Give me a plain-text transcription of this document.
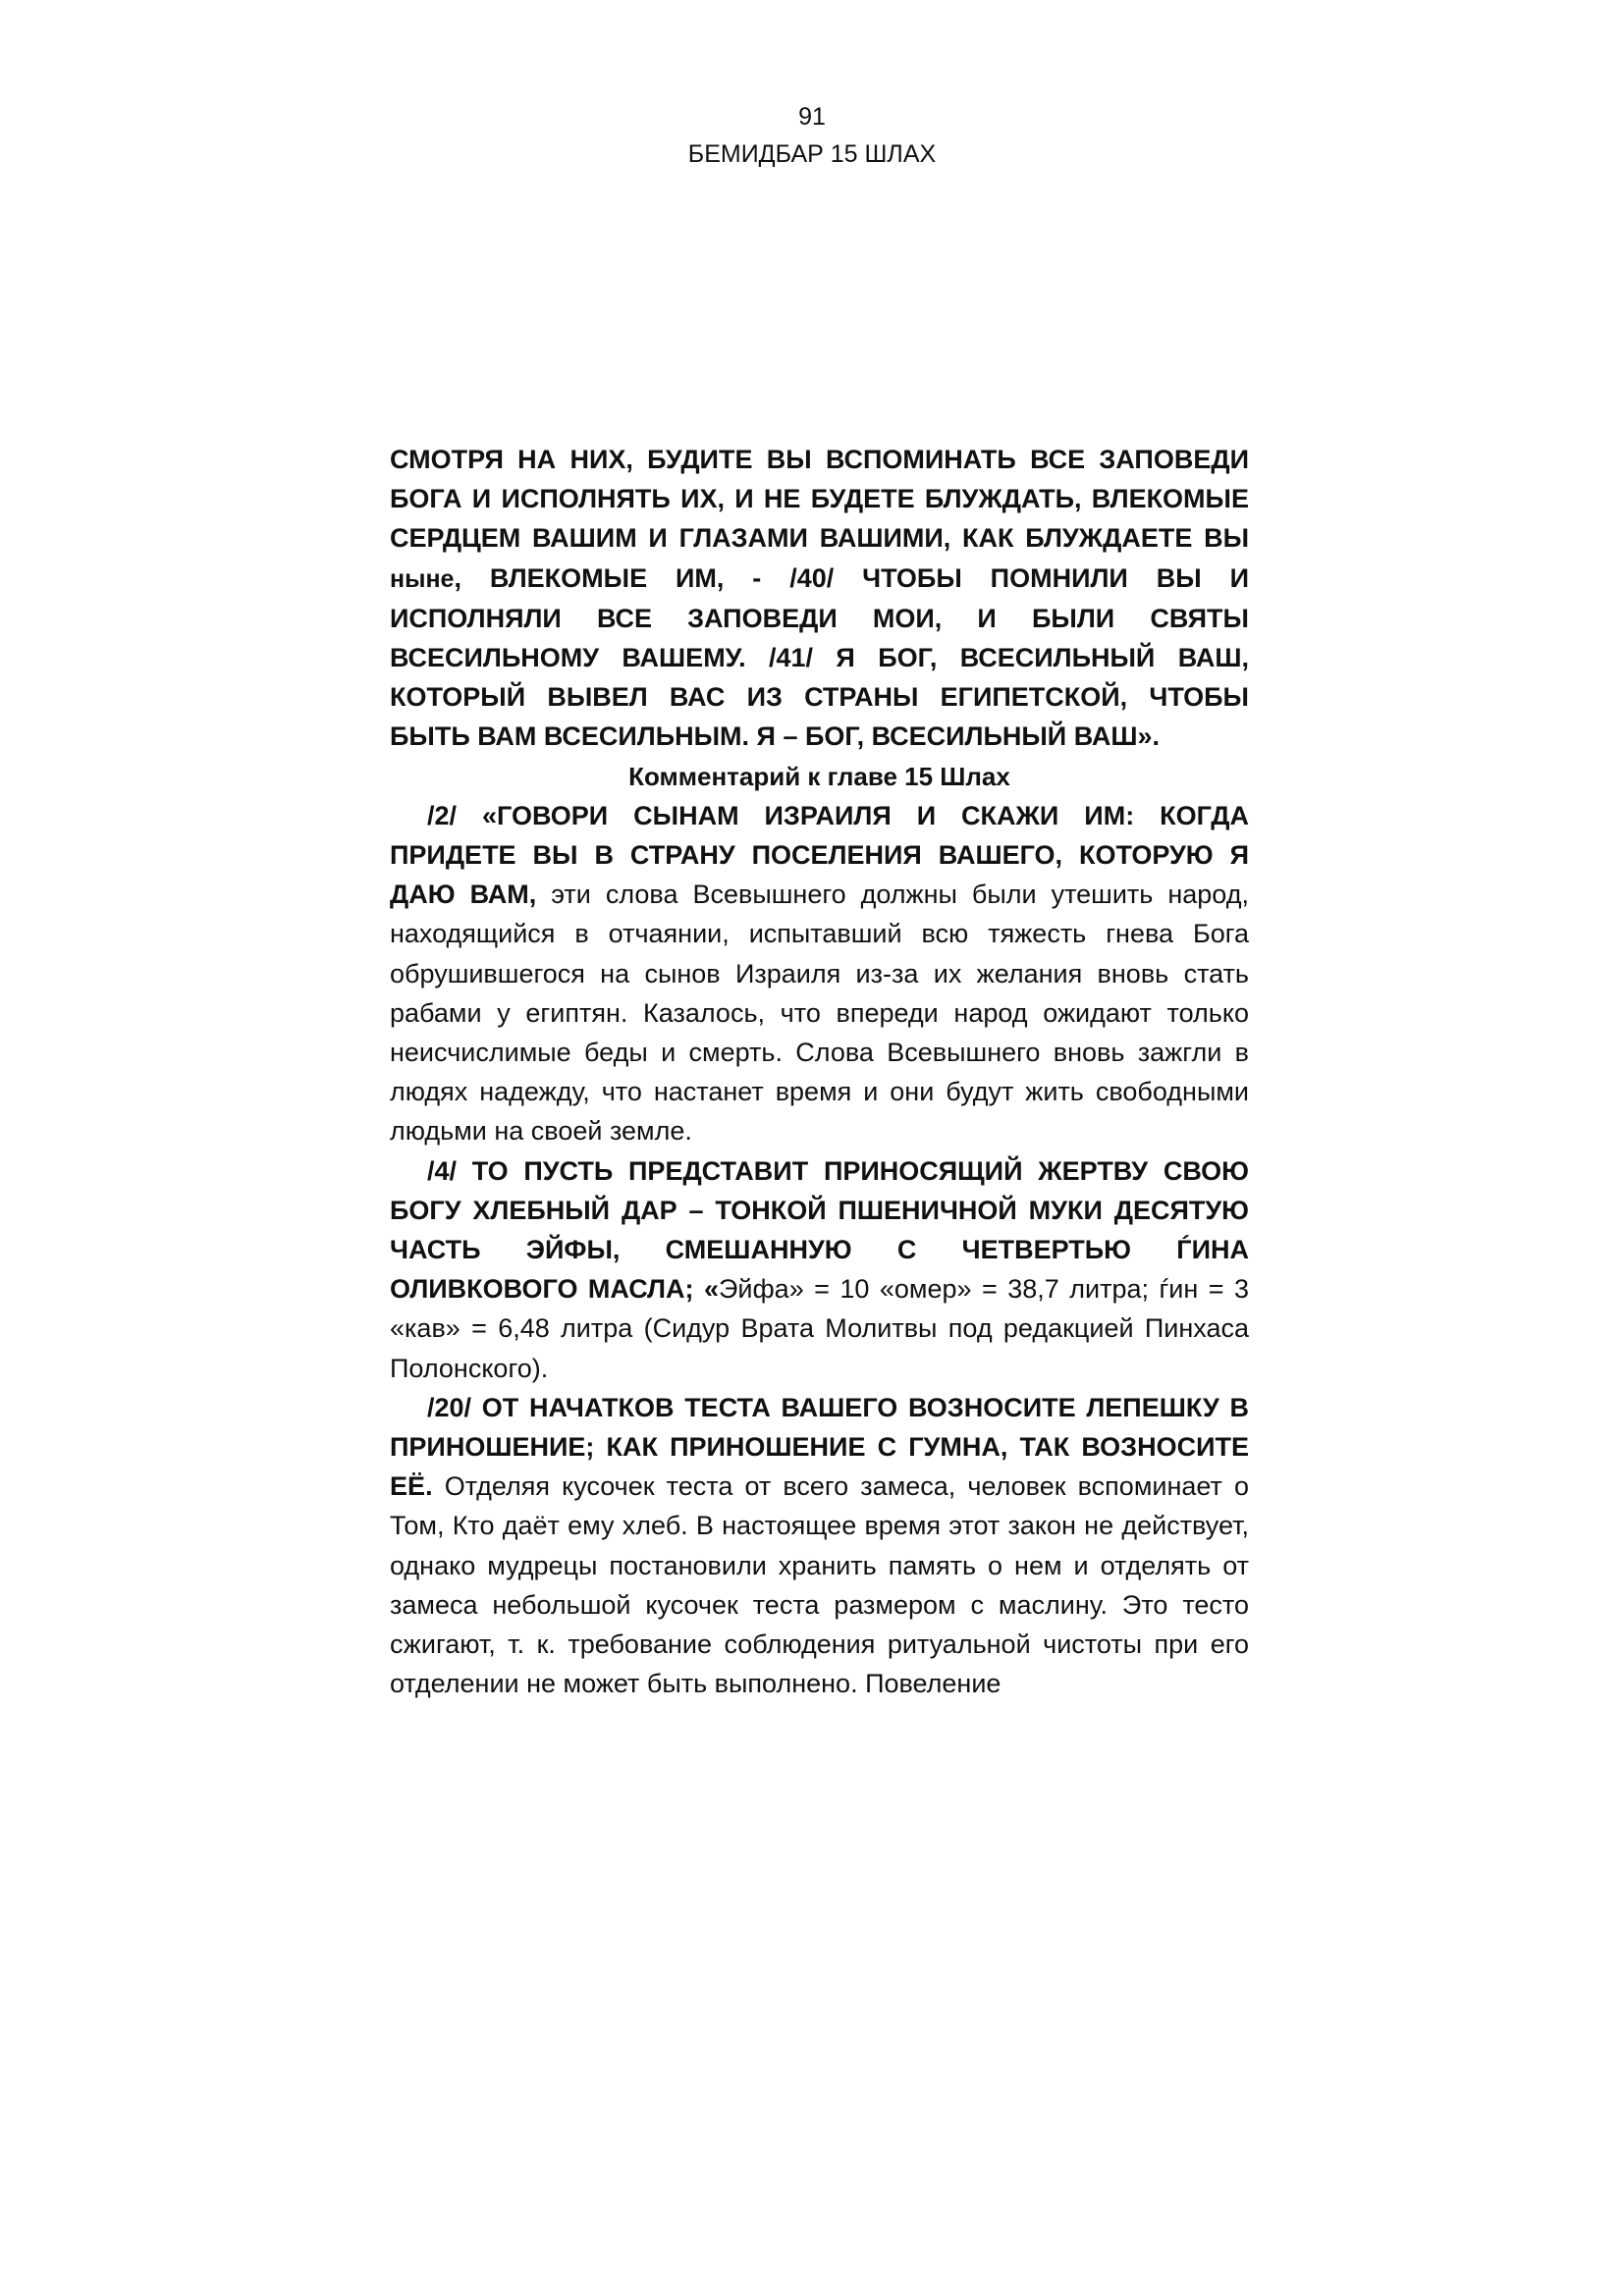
91
БЕМИДБАР 15 ШЛАХ

СМОТРЯ НА НИХ, БУДИТЕ ВЫ ВСПОМИНАТЬ ВСЕ ЗАПОВЕДИ БОГА И ИСПОЛНЯТЬ ИХ, И НЕ БУДЕТЕ БЛУЖДАТЬ, ВЛЕКОМЫЕ СЕРДЦЕМ ВАШИМ И ГЛАЗАМИ ВАШИМИ, КАК БЛУЖДАЕТЕ ВЫ ныне, ВЛЕКОМЫЕ ИМ, - /40/ ЧТОБЫ ПОМНИЛИ ВЫ И ИСПОЛНЯЛИ ВСЕ ЗАПОВЕДИ МОИ, И БЫЛИ СВЯТЫ ВСЕСИЛЬНОМУ ВАШЕМУ. /41/ Я БОГ, ВСЕСИЛЬНЫЙ ВАШ, КОТОРЫЙ ВЫВЕЛ ВАС ИЗ СТРАНЫ ЕГИПЕТСКОЙ, ЧТОБЫ БЫТЬ ВАМ ВСЕСИЛЬНЫМ. Я – БОГ, ВСЕСИЛЬНЫЙ ВАШ».

Комментарий к главе 15 Шлах

/2/ «ГОВОРИ СЫНАМ ИЗРАИЛЯ И СКАЖИ ИМ: КОГДА ПРИДЕТЕ ВЫ В СТРАНУ ПОСЕЛЕНИЯ ВАШЕГО, КОТОРУЮ Я ДАЮ ВАМ, эти слова Всевышнего должны были утешить народ, находящийся в отчаянии, испытавший всю тяжесть гнева Бога обрушившегося на сынов Израиля из-за их желания вновь стать рабами у египтян. Казалось, что впереди народ ожидают только неисчислимые беды и смерть. Слова Всевышнего вновь зажгли в людях надежду, что настанет время и они будут жить свободными людьми на своей земле.

/4/ ТО ПУСТЬ ПРЕДСТАВИТ ПРИНОСЯЩИЙ ЖЕРТВУ СВОЮ БОГУ ХЛЕБНЫЙ ДАР – ТОНКОЙ ПШЕНИЧНОЙ МУКИ ДЕСЯТУЮ ЧАСТЬ ЭЙФЫ, СМЕШАННУЮ С ЧЕТВЕРТЬЮ ЃИНА ОЛИВКОВОГО МАСЛА; «Эйфа» = 10 «омер» = 38,7 литра; ѓин = 3 «кав» = 6,48 литра (Сидур Врата Молитвы под редакцией Пинхаса Полонского).

/20/ ОТ НАЧАТКОВ ТЕСТА ВАШЕГО ВОЗНОСИТЕ ЛЕПЕШКУ В ПРИНОШЕНИЕ; КАК ПРИНОШЕНИЕ С ГУМНА, ТАК ВОЗНОСИТЕ ЕЁ. Отделяя кусочек теста от всего замеса, человек вспоминает о Том, Кто даёт ему хлеб. В настоящее время этот закон не действует, однако мудрецы постановили хранить память о нем и отделять от замеса небольшой кусочек теста размером с маслину. Это тесто сжигают, т. к. требование соблюдения ритуальной чистоты при его отделении не может быть выполнено. Повеление
